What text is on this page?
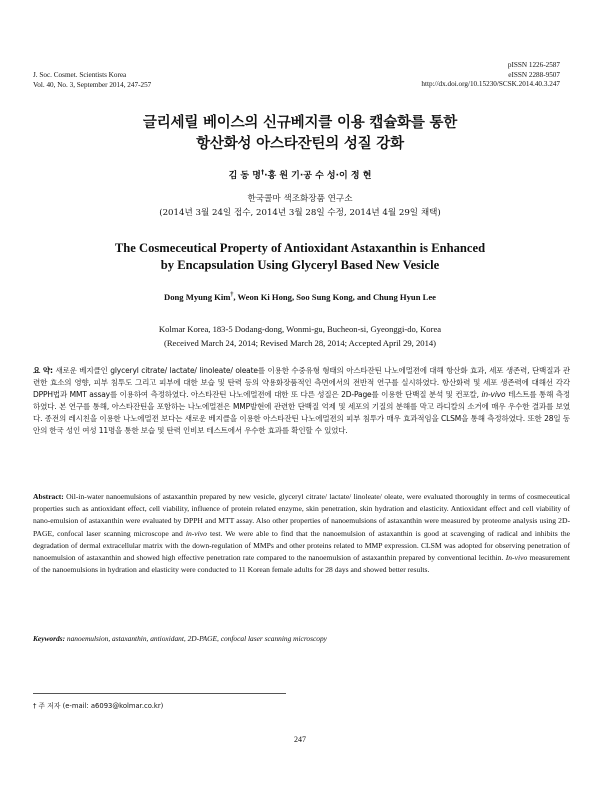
J. Soc. Cosmet. Scientists Korea
Vol. 40, No. 3, September 2014, 247-257
pISSN 1226-2587
eISSN 2288-9507
http://dx.doi.org/10.15230/SCSK.2014.40.3.247
글리세릴 베이스의 신규베지클 이용 캡슐화를 통한
항산화성 아스타잔틴의 성질 강화
김 동 명†·홍 원 기·공 수 성·이 정 현
한국콜마 색조화장품 연구소
(2014년 3월 24일 접수, 2014년 3월 28일 수정, 2014년 4월 29일 채택)
The Cosmeceutical Property of Antioxidant Astaxanthin is Enhanced
by Encapsulation Using Glyceryl Based New Vesicle
Dong Myung Kim†, Weon Ki Hong, Soo Sung Kong, and Chung Hyun Lee
Kolmar Korea, 183-5 Dodang-dong, Wonmi-gu, Bucheon-si, Gyeonggi-do, Korea
(Received March 24, 2014; Revised March 28, 2014; Accepted April 29, 2014)
요 약: 새로운 베지클인 glyceryl citrate/ lactate/ linoleate/ oleate를 이용한 수중유형 형태의 아스타잔틴 나노에멀젼에 대해 항산화 효과, 세포 생존력, 단백질과 관련한 효소의 영향, 피부 침투도 그리고 피부에 대한 보습 및 탄력 등의 약용화장품적인 측면에서의 전반적 연구를 실시하였다. 항산화력 및 세포 생존력에 대해선 각각 DPPH법과 MMT assay를 이용하여 측정하였다. 아스타잔틴 나노에멀젼에 대한 또 다른 성질은 2D-Page를 이용한 단백질 분석 및 컨포칼, in-vivo 테스트를 통해 측정하였다. 본 연구를 통해, 아스타잔틴을 포함하는 나노에멀젼은 MMP발현에 관련한 단백질 억제 및 세포의 기질의 분해를 막고 라디칼의 소거에 매우 우수한 결과를 보였다. 종전의 레시친을 이용한 나노에멀젼 보다는 새로운 베지클을 이용한 아스타잔틴 나노에멀젼의 피부 침투가 매우 효과적임을 CLSM을 통해 측정하였다. 또한 28일 동안의 한국 성인 여성 11명을 통한 보습 및 탄력 인비보 테스트에서 우수한 효과를 확인할 수 있었다.
Abstract: Oil-in-water nanoemulsions of astaxanthin prepared by new vesicle, glyceryl citrate/ lactate/ linoleate/ oleate, were evaluated thoroughly in terms of cosmeceutical properties such as antioxidant effect, cell viability, influence of protein related enzyme, skin penetration, skin hydration and elasticity. Antioxidant effect and cell viability of nano-emulsion of astaxanthin were evaluated by DPPH and MTT assay. Also other properties of nanoemulsions of astaxanthin were measured by proteome analysis using 2D-PAGE, confocal laser scanning microscope and in-vivo test. We were able to find that the nanoemulsion of astaxanthin is good at scavenging of radical and inhibits the degradation of dermal extracellular matrix with the down-regulation of MMPs and other proteins related to MMP expression. CLSM was adopted for observing penetration of nanoemulsion of astaxanthin and showed high effective penetration rate compared to the nanoemulsion of astaxanthin prepared by conventional lecithin. In-vivo measurement of the nanoemulsions in hydration and elasticity were conducted to 11 Korean female adults for 28 days and showed better results.
Keywords: nanoemulsion, astaxanthin, antioxidant, 2D-PAGE, confocal laser scanning microscopy
† 주 저자 (e-mail: a6093@kolmar.co.kr)
247
